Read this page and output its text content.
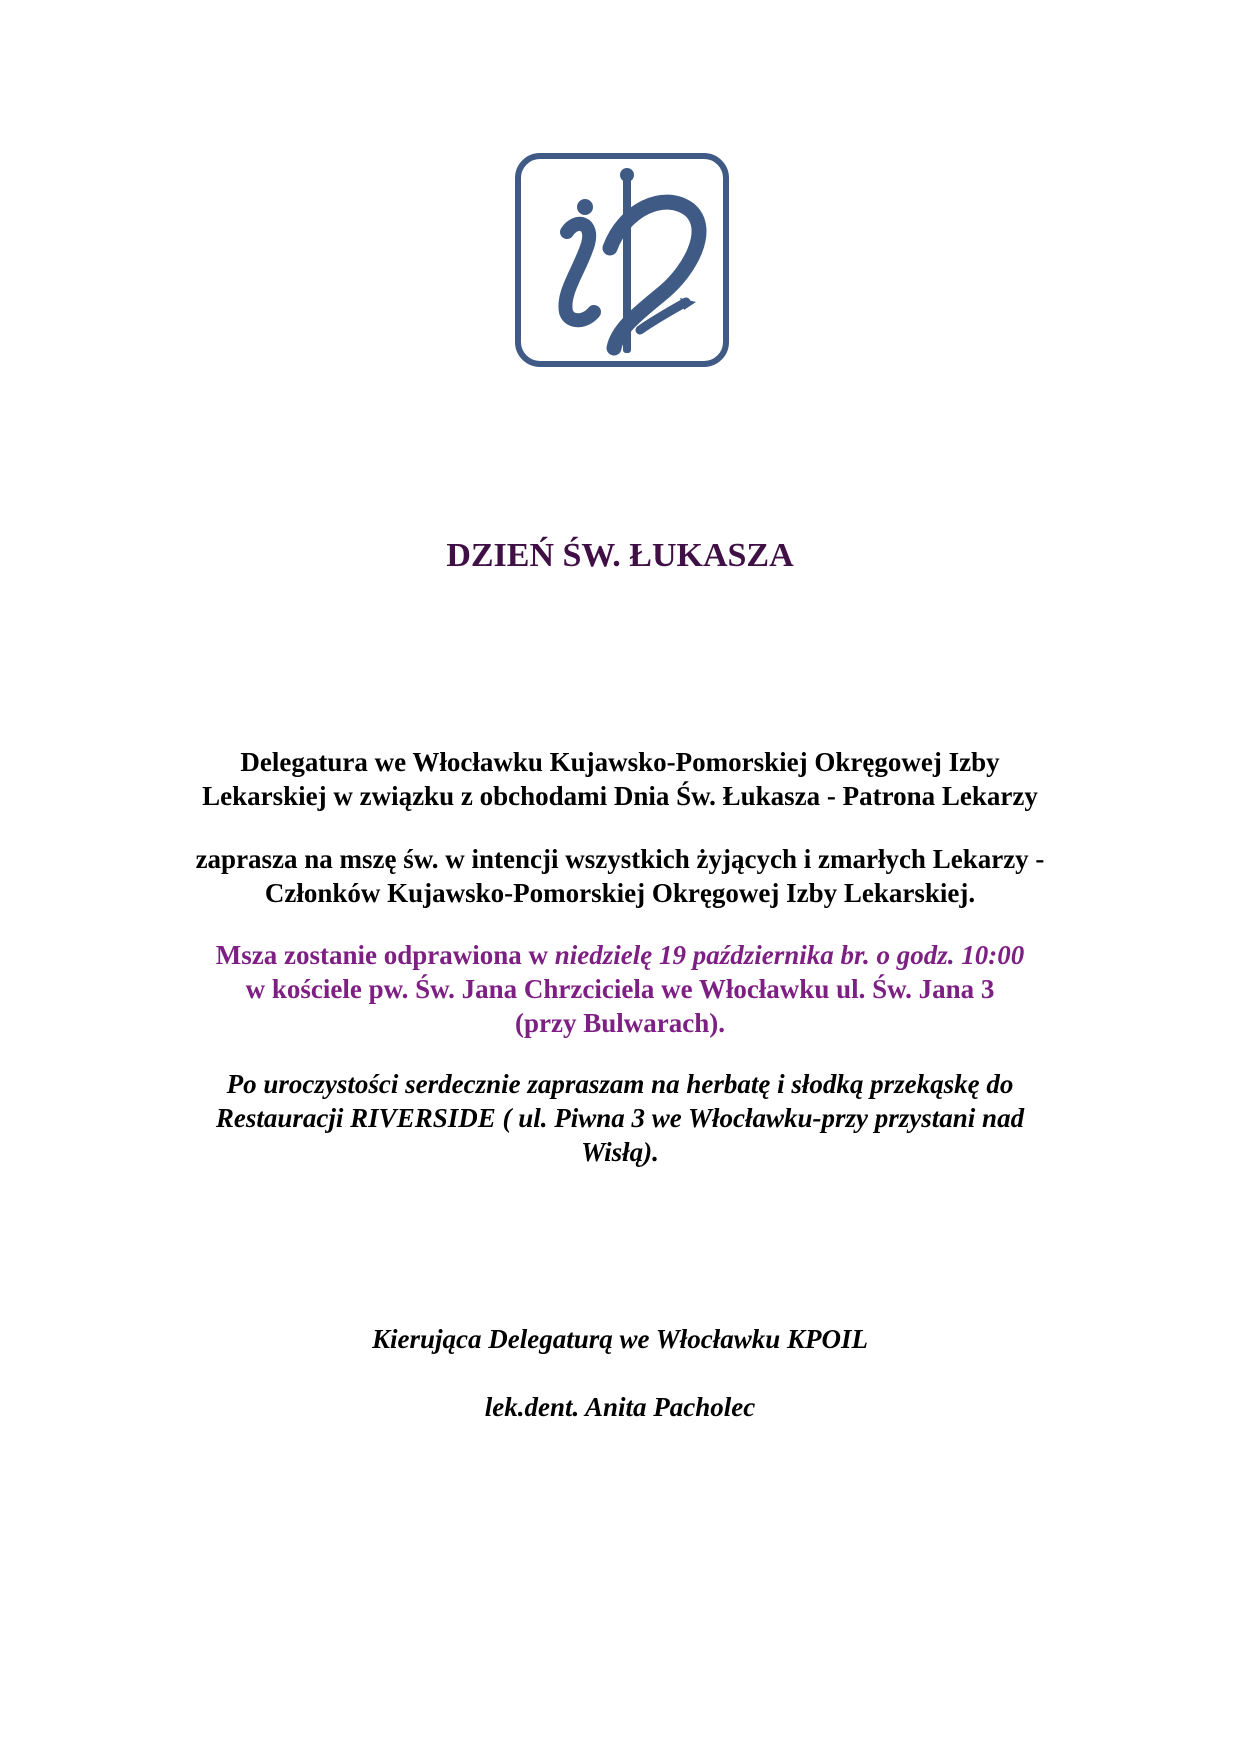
DZIEŃ ŚW. ŁUKASZA
Delegatura we Włocławku Kujawsko-Pomorskiej Okręgowej Izby
Lekarskiej w związku z obchodami Dnia Św. Łukasza - Patrona Lekarzy
zaprasza na mszę św. w intencji wszystkich żyjących i zmarłych Lekarzy -
Członków Kujawsko-Pomorskiej Okręgowej Izby Lekarskiej.
Msza zostanie odprawiona w niedzielę 19 października br. o godz. 10:00
w kościele pw. Św. Jana Chrzciciela we Włocławku ul. Św. Jana 3
(przy Bulwarach).
Po uroczystości serdecznie zapraszam na herbatę i słodką przekąskę do
Restauracji RIVERSIDE ( ul. Piwna 3 we Włocławku-przy przystani nad
Wisłą).
Kierująca Delegaturą we Włocławku KPOIL
lek.dent. Anita Pacholec
